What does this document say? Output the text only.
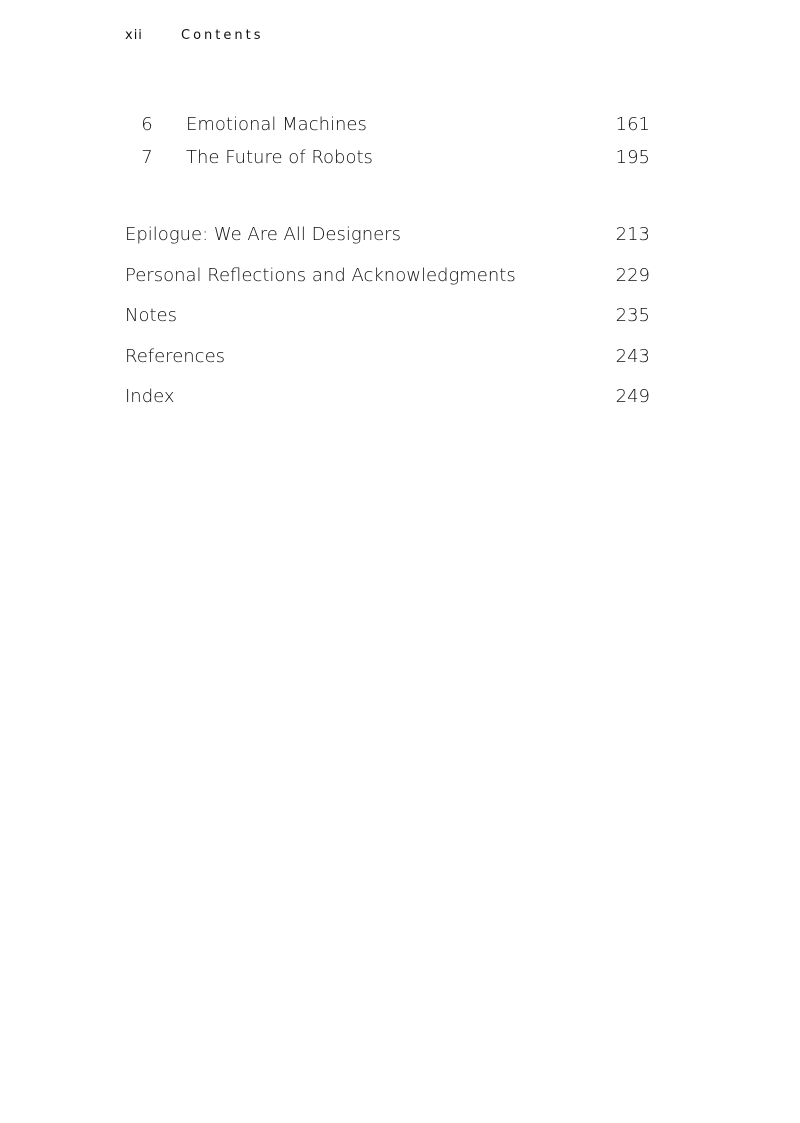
xii	Contents
6	Emotional Machines	161
7	The Future of Robots	195
Epilogue: We Are All Designers	213
Personal Reflections and Acknowledgments	229
Notes	235
References	243
Index	249
